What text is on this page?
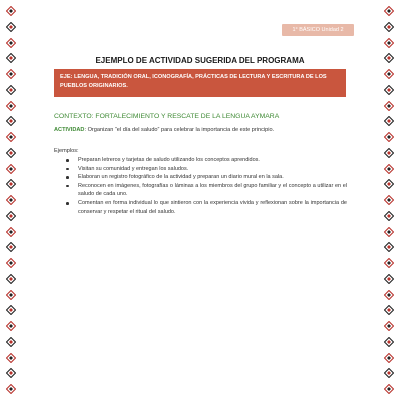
1° BÁSICO Unidad 2
EJEMPLO DE ACTIVIDAD SUGERIDA DEL PROGRAMA
EJE: LENGUA, TRADICIÓN ORAL, ICONOGRAFÍA, PRÁCTICAS DE LECTURA Y ESCRITURA DE LOS PUEBLOS ORIGINARIOS.
CONTEXTO: FORTALECIMIENTO Y RESCATE DE LA LENGUA AYMARA
ACTIVIDAD: Organizan “el día del saludo” para celebrar la importancia de este principio.
Ejemplos:
Preparan letreros y tarjetas de saludo utilizando los conceptos aprendidos.
Visitan su comunidad y entregan los saludos.
Elaboran un registro fotográfico de la actividad y preparan un diario mural en la sala.
Reconocen en imágenes, fotografías o láminas a los miembros del grupo familiar y el concepto a utilizar en el saludo de cada uno.
Comentan en forma individual lo que sintieron con la experiencia vivida y reflexionan sobre la importancia de conservar y respetar el ritual del saludo.
